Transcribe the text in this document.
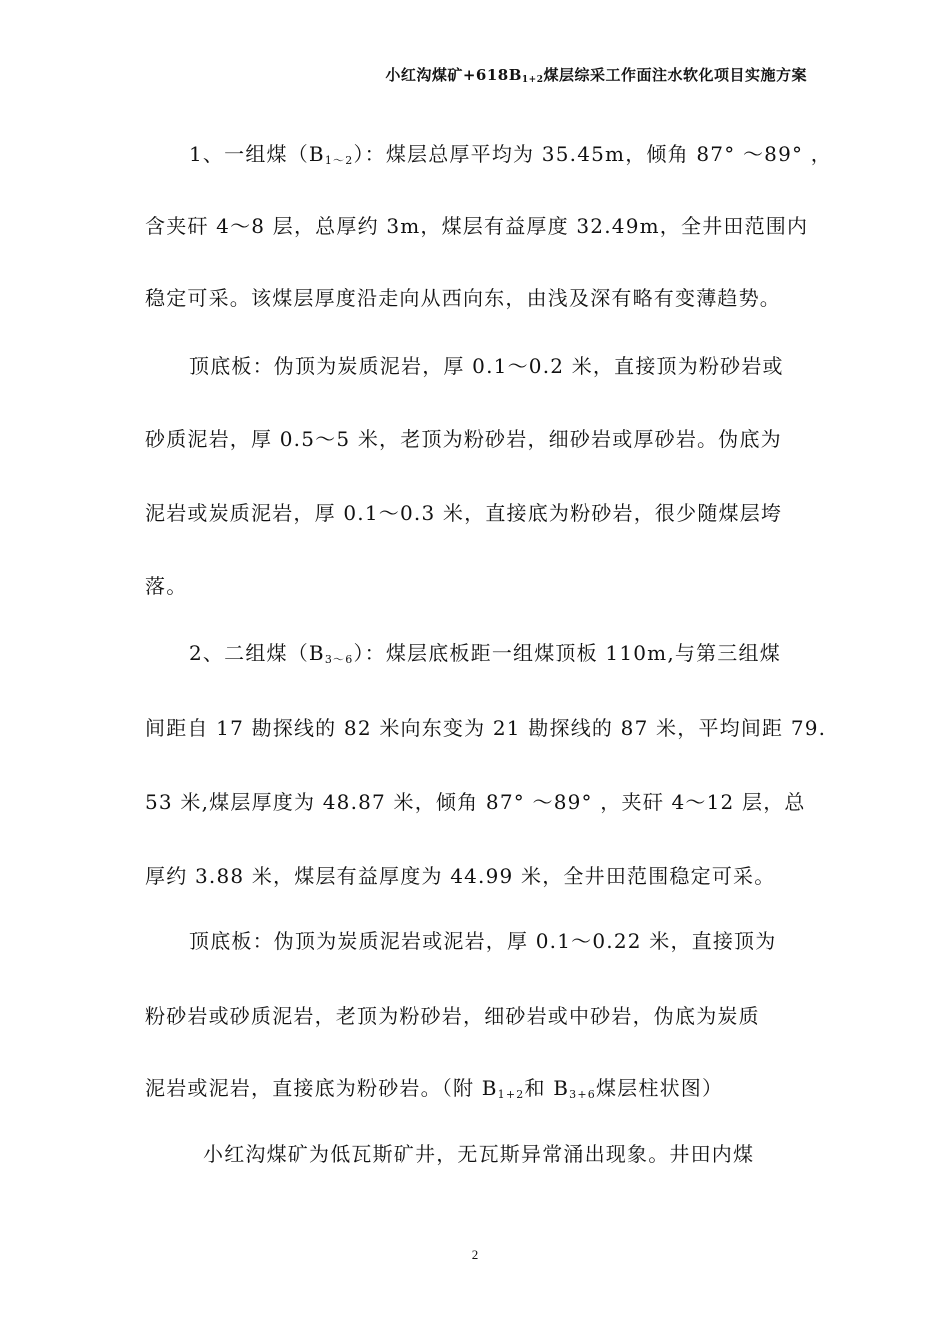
小红沟煤矿$+618B_{1+2}$煤层综采工作面注水软化项目实施方案
1、一组煤$(B_{1\sim 2})$：煤层总厚平均为 35.45m，倾角 87° ～89° ，
含夹矸 4～8 层，总厚约 3m，煤层有益厚度 32.49m，全井田范围内
稳定可采。该煤层厚度沿走向从西向东，由浅及深有略有变薄趋势。
顶底板：伪顶为炭质泥岩，厚 0.1～0.2 米，直接顶为粉砂岩或
砂质泥岩，厚 0.5～5 米，老顶为粉砂岩，细砂岩或厚砂岩。伪底为
泥岩或炭质泥岩，厚 0.1～0.3 米，直接底为粉砂岩，很少随煤层垮
落。
2、二组煤$(B_{3\sim 6})$：煤层底板距一组煤顶板 110m,与第三组煤
间距自 17 勘探线的 82 米向东变为 21 勘探线的 87 米，平均间距 79.
53 米,煤层厚度为 48.87 米，倾角 87° ～89° ，夹矸 4～12 层，总
厚约 3.88 米，煤层有益厚度为 44.99 米，全井田范围稳定可采。
顶底板：伪顶为炭质泥岩或泥岩，厚 0.1～0.22 米，直接顶为
粉砂岩或砂质泥岩，老顶为粉砂岩，细砂岩或中砂岩，伪底为炭质
泥岩或泥岩，直接底为粉砂岩。（附 $B_{1+2}$和 $B_{3+6}$煤层柱状图）
小红沟煤矿为低瓦斯矿井，无瓦斯异常涌出现象。井田内煤
2
